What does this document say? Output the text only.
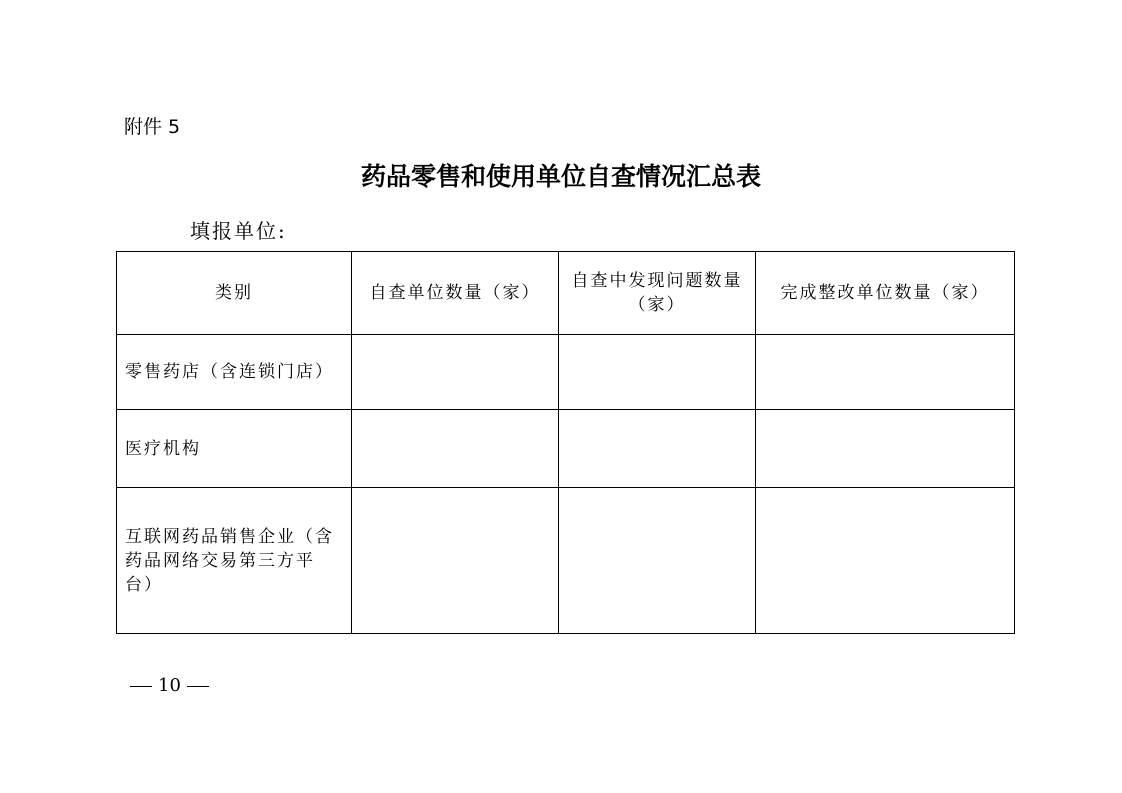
附件 5
药品零售和使用单位自查情况汇总表
填报单位:
类别	自查单位数量（家）	自查中发现问题数量（家）	完成整改单位数量（家）
零售药店（含连锁门店）			
医疗机构			
互联网药品销售企业（含药品网络交易第三方平台）			
10
